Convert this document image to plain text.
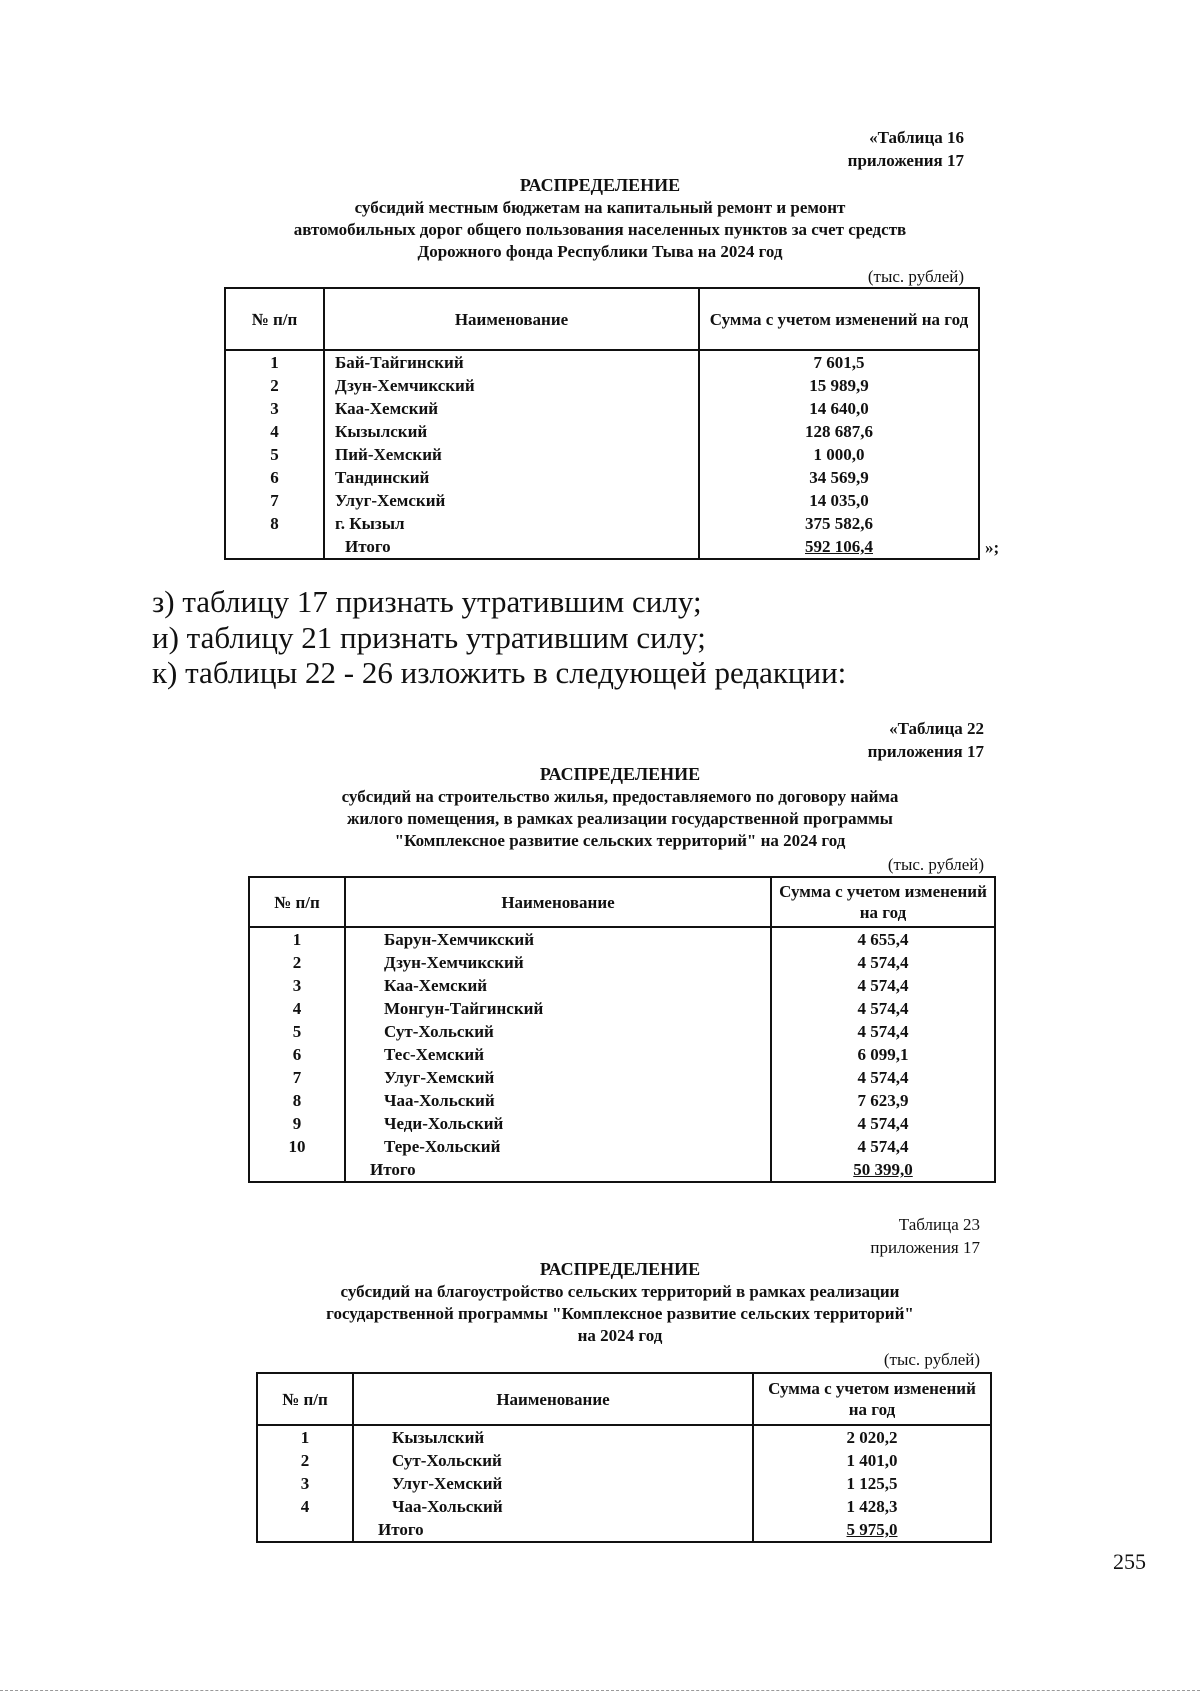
«Таблица 16
приложения 17
РАСПРЕДЕЛЕНИЕ
субсидий местным бюджетам на капитальный ремонт и ремонт
автомобильных дорог общего пользования населенных пунктов за счет средств
Дорожного фонда Республики Тыва на 2024 год
(тыс. рублей)
№ п/п	Наименование	Сумма с учетом изменений на год
1	Бай-Тайгинский	7 601,5
2	Дзун-Хемчикский	15 989,9
3	Каа-Хемский	14 640,0
4	Кызылский	128 687,6
5	Пий-Хемский	1 000,0
6	Тандинский	34 569,9
7	Улуг-Хемский	14 035,0
8	г. Кызыл	375 582,6
	Итого	592 106,4	»;
з) таблицу 17 признать утратившим силу;
и) таблицу 21 признать утратившим силу;
к) таблицы 22 - 26 изложить в следующей редакции:
«Таблица 22
приложения 17
РАСПРЕДЕЛЕНИЕ
субсидий на строительство жилья, предоставляемого по договору найма
жилого помещения, в рамках реализации государственной программы
"Комплексное развитие сельских территорий" на 2024 год
(тыс. рублей)
№ п/п	Наименование	Сумма с учетом изменений на год
1	Барун-Хемчикский	4 655,4
2	Дзун-Хемчикский	4 574,4
3	Каа-Хемский	4 574,4
4	Монгун-Тайгинский	4 574,4
5	Сут-Хольский	4 574,4
6	Тес-Хемский	6 099,1
7	Улуг-Хемский	4 574,4
8	Чаа-Хольский	7 623,9
9	Чеди-Хольский	4 574,4
10	Тере-Хольский	4 574,4
	Итого	50 399,0
Таблица 23
приложения 17
РАСПРЕДЕЛЕНИЕ
субсидий на благоустройство сельских территорий в рамках реализации
государственной программы "Комплексное развитие сельских территорий"
на 2024 год
(тыс. рублей)
№ п/п	Наименование	Сумма с учетом изменений на год
1	Кызылский	2 020,2
2	Сут-Хольский	1 401,0
3	Улуг-Хемский	1 125,5
4	Чаа-Хольский	1 428,3
	Итого	5 975,0
255
